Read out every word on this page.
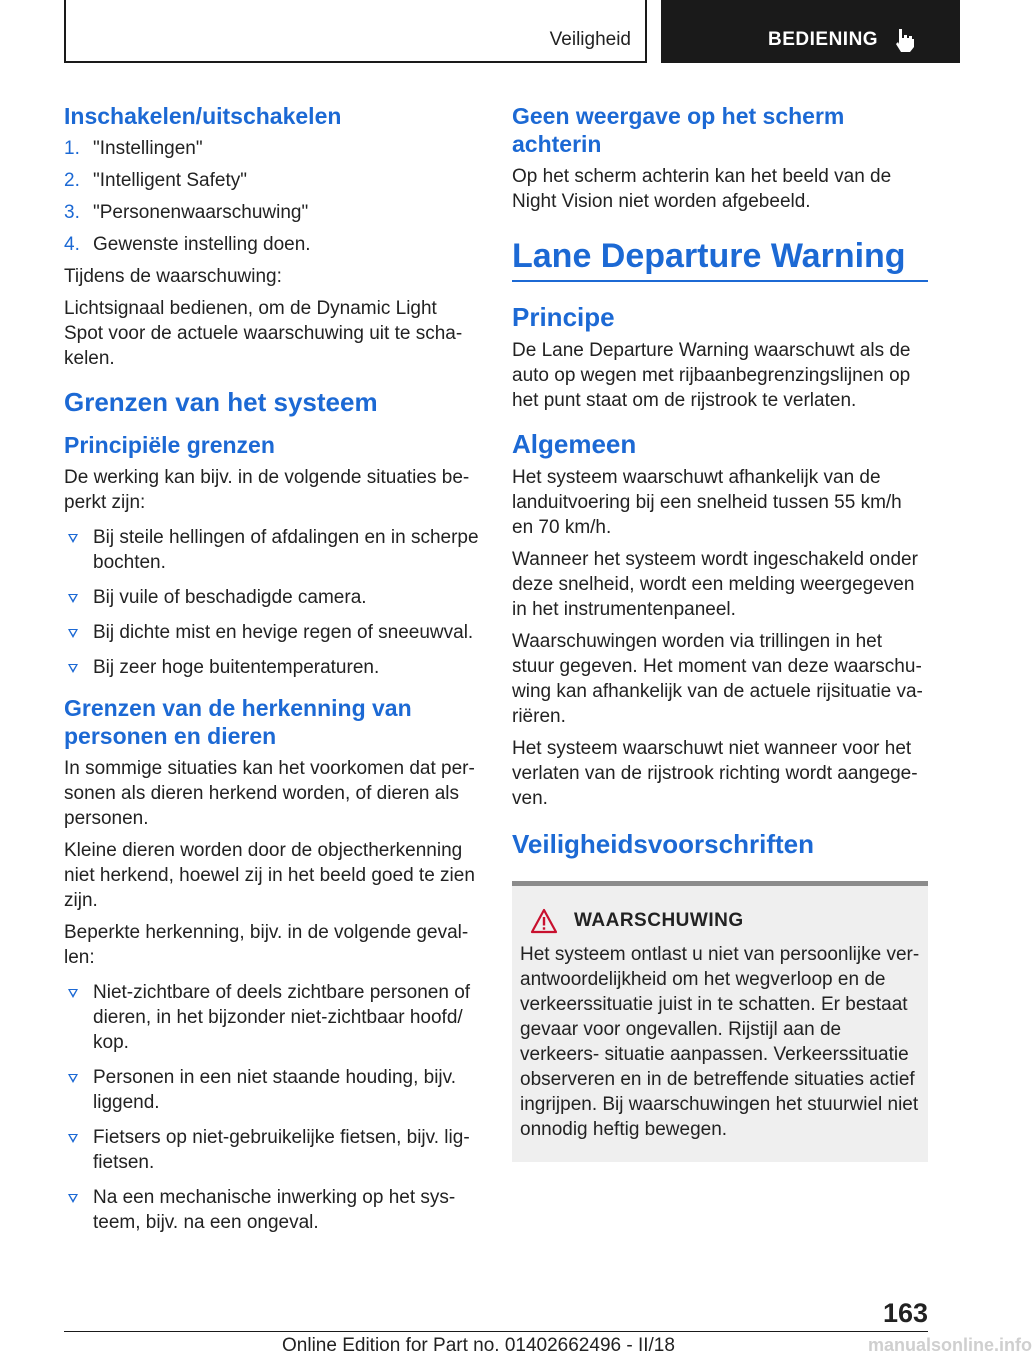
Veiligheid	BEDIENING
Inschakelen/uitschakelen
1. "Instellingen"
2. "Intelligent Safety"
3. "Personenwaarschuwing"
4. Gewenste instelling doen.

Tijdens de waarschuwing:

Lichtsignaal bedienen, om de Dynamic Light Spot voor de actuele waarschuwing uit te scha‐ kelen.

Grenzen van het systeem
Principiële grenzen

De werking kan bijv. in de volgende situaties be‐ perkt zijn:

Bij steile hellingen of afdalingen en in scherpe bochten.
Bij vuile of beschadigde camera.
Bij dichte mist en hevige regen of sneeuwval.
Bij zeer hoge buitentemperaturen.
Grenzen van de herkenning van personen en dieren

In sommige situaties kan het voorkomen dat per‐ sonen als dieren herkend worden, of dieren als personen.

Kleine dieren worden door de objectherkenning niet herkend, hoewel zij in het beeld goed te zien zijn.

Beperkte herkenning, bijv. in de volgende geval‐ len:

Niet-zichtbare of deels zichtbare personen of dieren, in het bijzonder niet-zichtbaar hoofd/ kop.
Personen in een niet staande houding, bijv. liggend.
Fietsers op niet-gebruikelijke fietsen, bijv. lig‐ fietsen.
Na een mechanische inwerking op het sys‐ teem, bijv. na een ongeval.
Geen weergave op het scherm achterin

Op het scherm achterin kan het beeld van de Night Vision niet worden afgebeeld.

Lane Departure Warning
Principe

De Lane Departure Warning waarschuwt als de auto op wegen met rijbaanbegrenzingslijnen op het punt staat om de rijstrook te verlaten.

Algemeen

Het systeem waarschuwt afhankelijk van de landuitvoering bij een snelheid tussen 55 km/h en 70 km/h.

Wanneer het systeem wordt ingeschakeld onder deze snelheid, wordt een melding weergegeven in het instrumentenpaneel.

Waarschuwingen worden via trillingen in het stuur gegeven. Het moment van deze waarschu‐ wing kan afhankelijk van de actuele rijsituatie va‐ riëren.

Het systeem waarschuwt niet wanneer voor het verlaten van de rijstrook richting wordt aangege‐ ven.

Veiligheidsvoorschriften
WAARSCHUWING

Het systeem ontlast u niet van persoonlijke ver‐ antwoordelijkheid om het wegverloop en de verkeerssituatie juist in te schatten. Er bestaat gevaar voor ongevallen. Rijstijl aan de verkeers‐ situatie aanpassen. Verkeerssituatie observeren en in de betreffende situaties actief ingrijpen. Bij waarschuwingen het stuurwiel niet onnodig heftig bewegen.

163
Online Edition for Part no. 01402662496 - II/18	manualsonline.info
